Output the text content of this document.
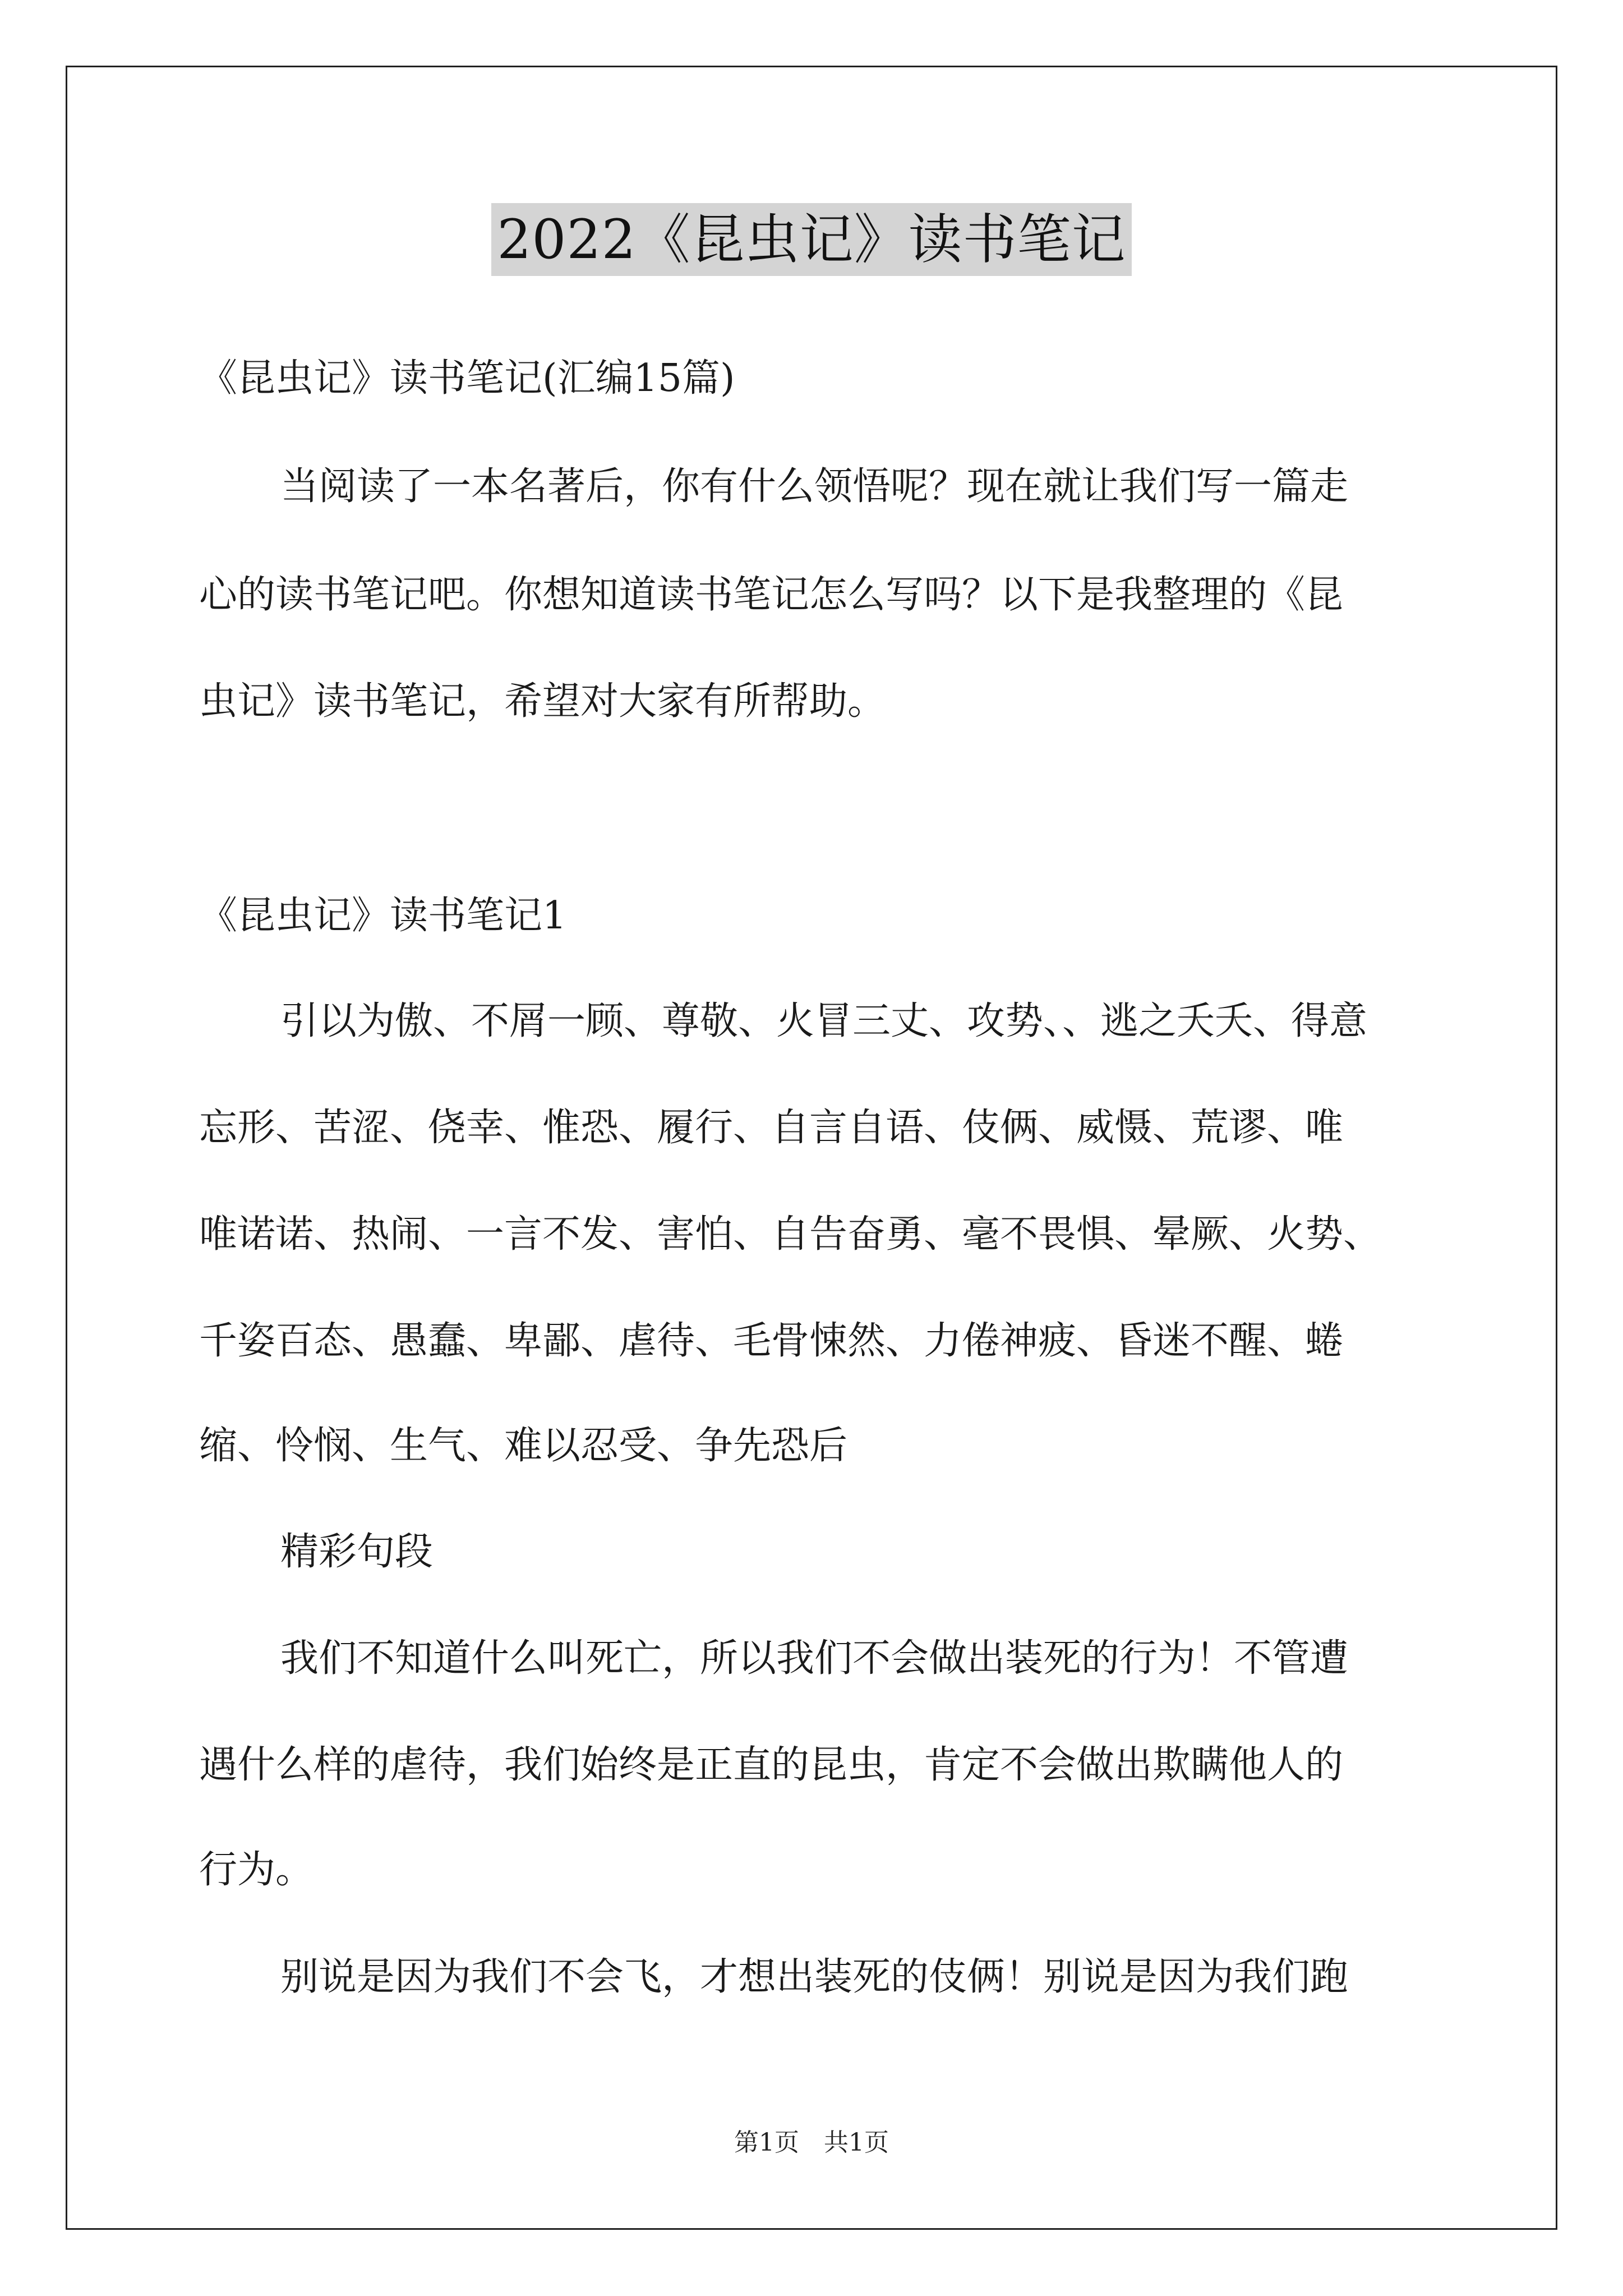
2022《昆虫记》读书笔记
《昆虫记》读书笔记(汇编15篇)
当阅读了一本名著后，你有什么领悟呢？现在就让我们写一篇走
心的读书笔记吧。你想知道读书笔记怎么写吗？以下是我整理的《昆
虫记》读书笔记，希望对大家有所帮助。
《昆虫记》读书笔记1
引以为傲、不屑一顾、尊敬、火冒三丈、攻势、、逃之夭夭、得意
忘形、苦涩、侥幸、惟恐、履行、自言自语、伎俩、威慑、荒谬、唯
唯诺诺、热闹、一言不发、害怕、自告奋勇、毫不畏惧、晕厥、火势、
千姿百态、愚蠢、卑鄙、虐待、毛骨悚然、力倦神疲、昏迷不醒、蜷
缩、怜悯、生气、难以忍受、争先恐后
精彩句段
我们不知道什么叫死亡，所以我们不会做出装死的行为！不管遭
遇什么样的虐待，我们始终是正直的昆虫，肯定不会做出欺瞒他人的
行为。
别说是因为我们不会飞，才想出装死的伎俩！别说是因为我们跑
第1页　共1页
